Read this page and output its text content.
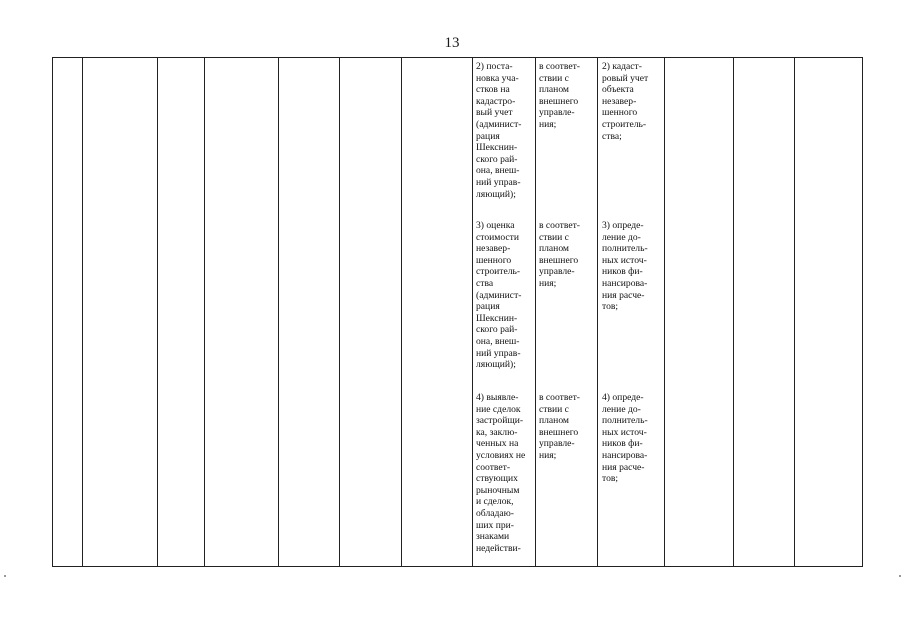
13
2) поста-
новка уча-
стков на
кадастро-
вый учет
(админист-
рация
Шекснин-
ского рай-
она, внеш-
ний управ-
ляющий);
в соответ-
ствии с
планом
внешнего
управле-
ния;
2) кадаст-
ровый учет
объекта
незавер-
шенного
строитель-
ства;
3) оценка
стоимости
незавер-
шенного
строитель-
ства
(админист-
рация
Шекснин-
ского рай-
она, внеш-
ний управ-
ляющий);
в соответ-
ствии с
планом
внешнего
управле-
ния;
3) опреде-
ление до-
полнитель-
ных источ-
ников фи-
нансирова-
ния расче-
тов;
4) выявле-
ние сделок
застройщи-
ка, заклю-
ченных на
условиях не
соответ-
ствующих
рыночным
и сделок,
обладаю-
ших при-
знаками
недействи-
в соответ-
ствии с
планом
внешнего
управле-
ния;
4) опреде-
ление до-
полнитель-
ных источ-
ников фи-
нансирова-
ния расче-
тов;
